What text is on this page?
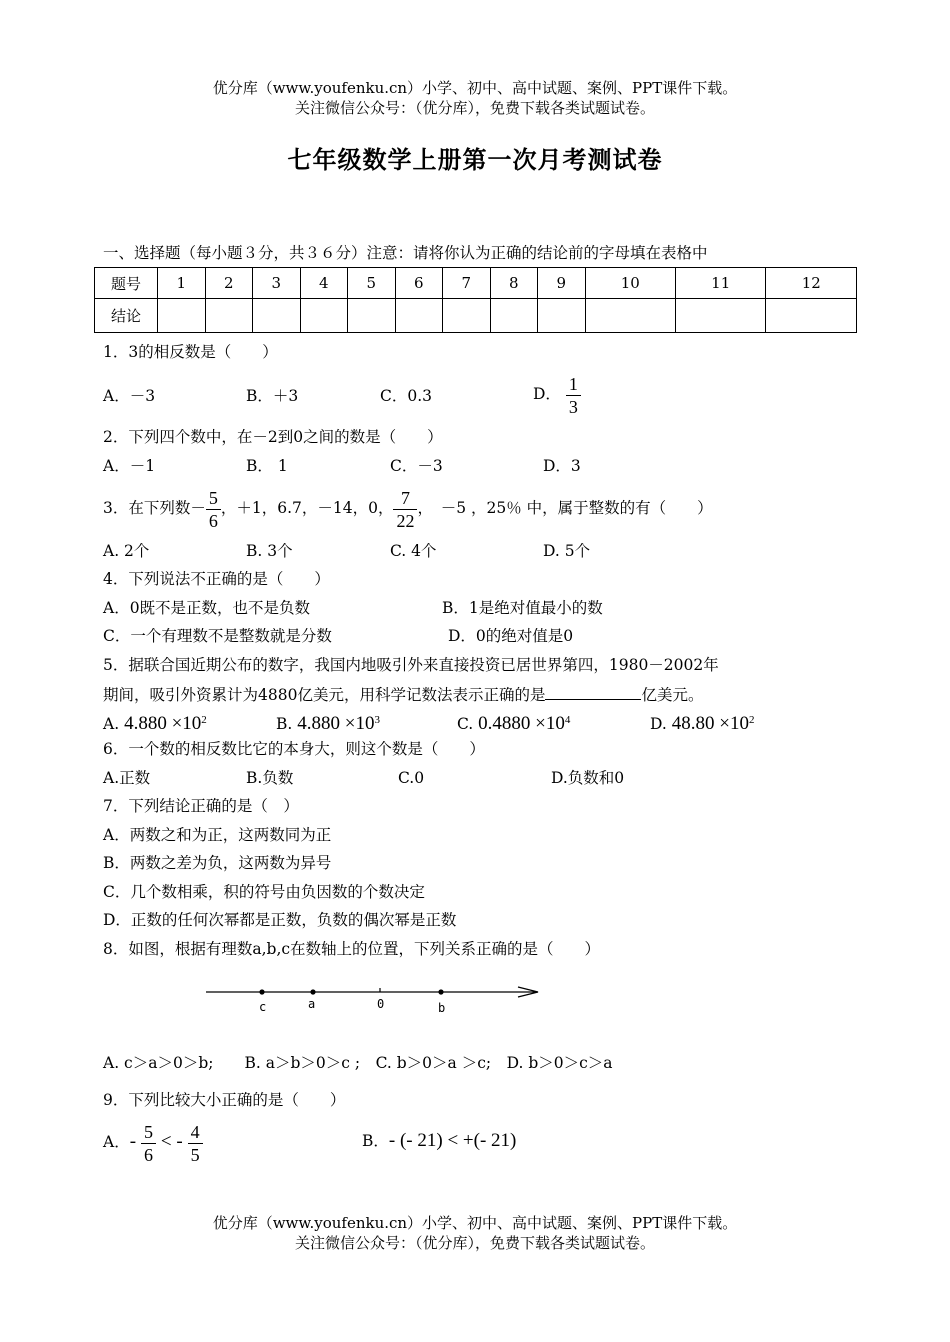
优分库（www.youfenku.cn）小学、初中、高中试题、案例、PPT课件下载。
关注微信公众号：（优分库），免费下载各类试题试卷。
七年级数学上册第一次月考测试卷
一、选择题（每小题３分，共３６分）注意：请将你认为正确的结论前的字母填在表格中
题号	1	2	3	4	5	6	7	8	9	10	11	12
结论												
1．3的相反数是（　　）
A．－3	B．＋3	C．0.3	D． $\frac{1}{3}$
2．下列四个数中，在－2到0之间的数是（　　）
A．－1	B． 1	C．－3	D．3
3．在下列数－ $\frac{5}{6}$ ，＋1，6.7，－14，0， $\frac{7}{22}$ ，　－5 ，25％ 中，属于整数的有（　　）
A. 2个	B. 3个	C. 4个	D. 5个
4．下列说法不正确的是（　　）
A．0既不是正数，也不是负数	B．1是绝对值最小的数
C．一个有理数不是整数就是分数	D．0的绝对值是0
5．据联合国近期公布的数字，我国内地吸引外来直接投资已居世界第四，1980－2002年
期间，吸引外资累计为4880亿美元，用科学记数法表示正确的是	亿美元。
A. $4.880 \times 10^2$	B. $4.880 \times 10^3$	C. $0.4880 \times 10^4$	D. $48.80 \times 10^2$
6．一个数的相反数比它的本身大，则这个数是（　　）
A.正数	B.负数	C.0	D.负数和0
7．下列结论正确的是（　）
A．两数之和为正，这两数同为正
B．两数之差为负，这两数为异号
C．几个数相乘，积的符号由负因数的个数决定
D．正数的任何次幂都是正数，负数的偶次幂是正数
8．如图，根据有理数a,b,c在数轴上的位置，下列关系正确的是（　　）
c	a	0	b
A. c＞a＞0＞b;　　B. a＞b＞0＞c ;　C. b＞0＞a ＞c;　D. b＞0＞c＞a
9．下列比较大小正确的是（　　）
A．- $\frac{5}{6}$ < - $\frac{4}{5}$	B．- (- 21) < +(- 21)
优分库（www.youfenku.cn）小学、初中、高中试题、案例、PPT课件下载。
关注微信公众号：（优分库），免费下载各类试题试卷。
